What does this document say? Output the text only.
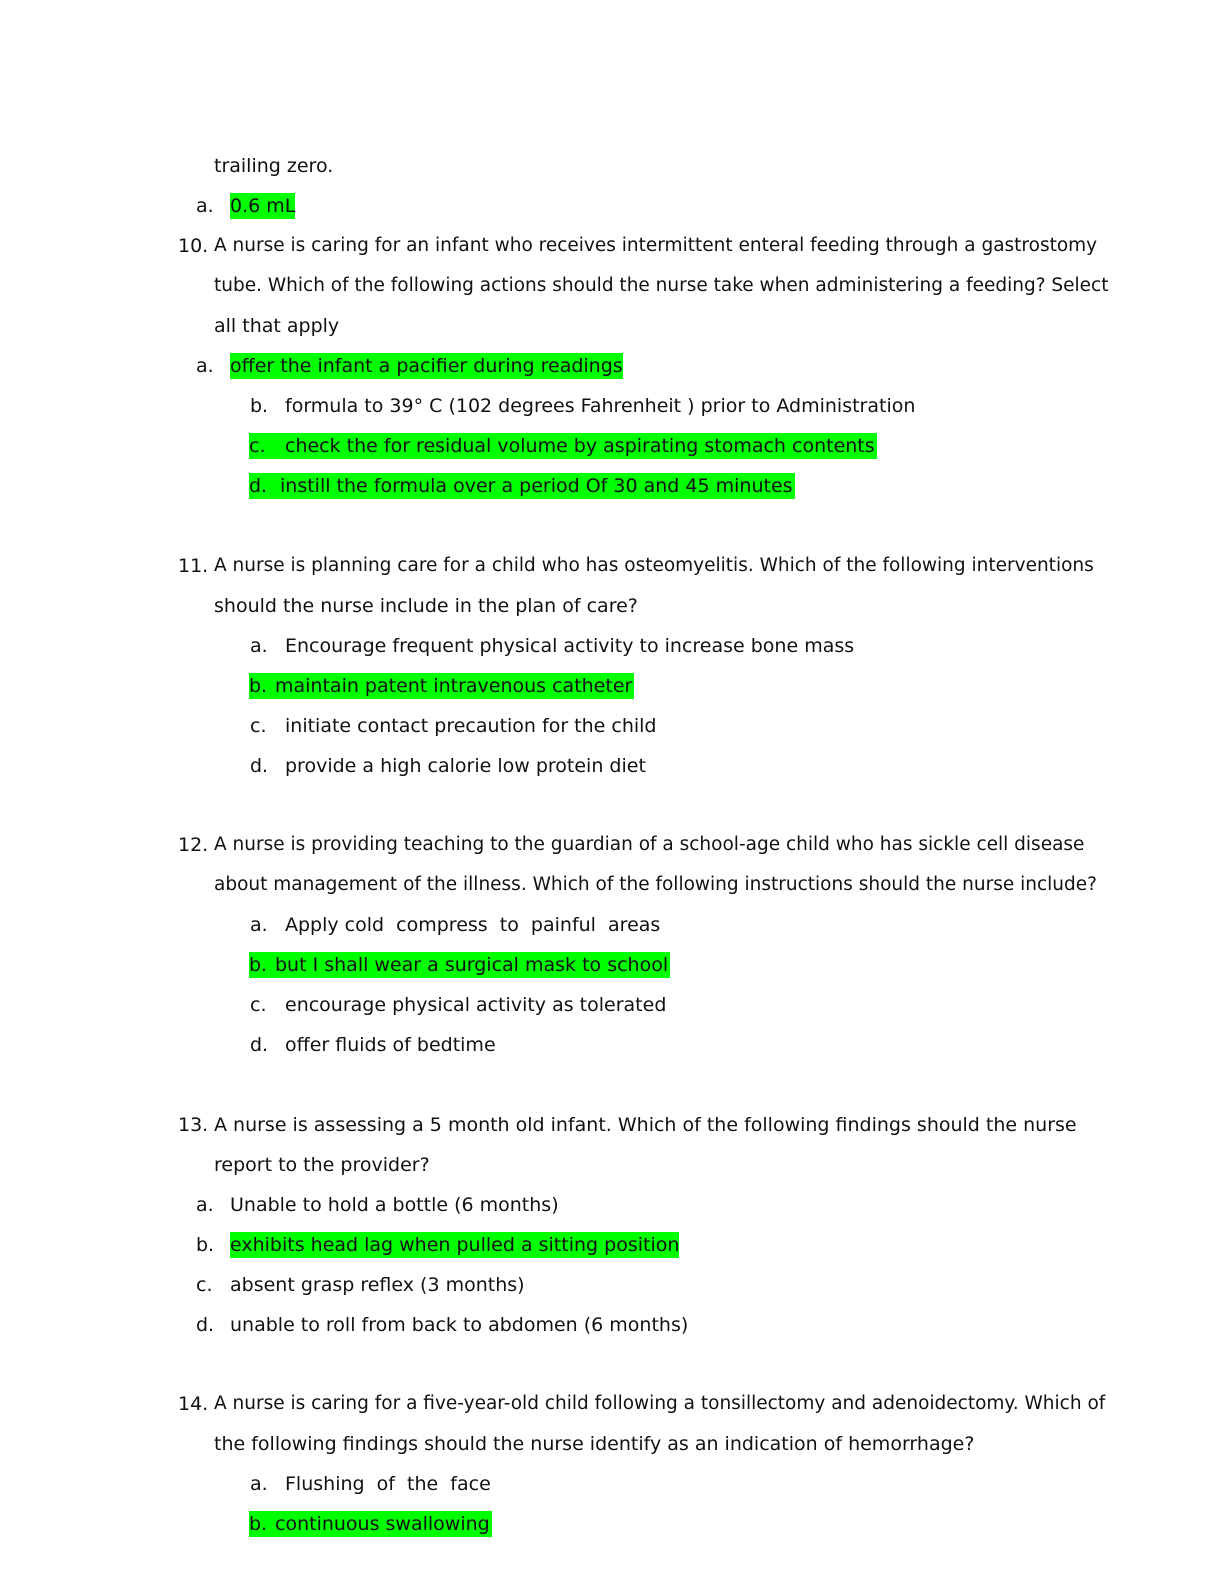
trailing zero.
a. 0.6 mL
10. A nurse is caring for an infant who receives intermittent enteral feeding through a gastrostomy
tube. Which of the following actions should the nurse take when administering a feeding? Select
all that apply
a. offer the infant a pacifier during readings
b. formula to 39° C (102 degrees Fahrenheit ) prior to Administration
c. check the for residual volume by aspirating stomach contents
d. instill the formula over a period Of 30 and 45 minutes
11. A nurse is planning care for a child who has osteomyelitis. Which of the following interventions
should the nurse include in the plan of care?
a. Encourage frequent physical activity to increase bone mass
b. maintain patent intravenous catheter
c. initiate contact precaution for the child
d. provide a high calorie low protein diet
12. A nurse is providing teaching to the guardian of a school-age child who has sickle cell disease
about management of the illness. Which of the following instructions should the nurse include?
a. Apply cold  compress  to  painful  areas
b. but I shall wear a surgical mask to school
c. encourage physical activity as tolerated
d. offer fluids of bedtime
13. A nurse is assessing a 5 month old infant. Which of the following findings should the nurse
report to the provider?
a. Unable to hold a bottle (6 months)
b. exhibits head lag when pulled a sitting position
c. absent grasp reflex (3 months)
d. unable to roll from back to abdomen (6 months)
14. A nurse is caring for a five-year-old child following a tonsillectomy and adenoidectomy. Which of
the following findings should the nurse identify as an indication of hemorrhage?
a. Flushing  of  the  face
b. continuous swallowing
